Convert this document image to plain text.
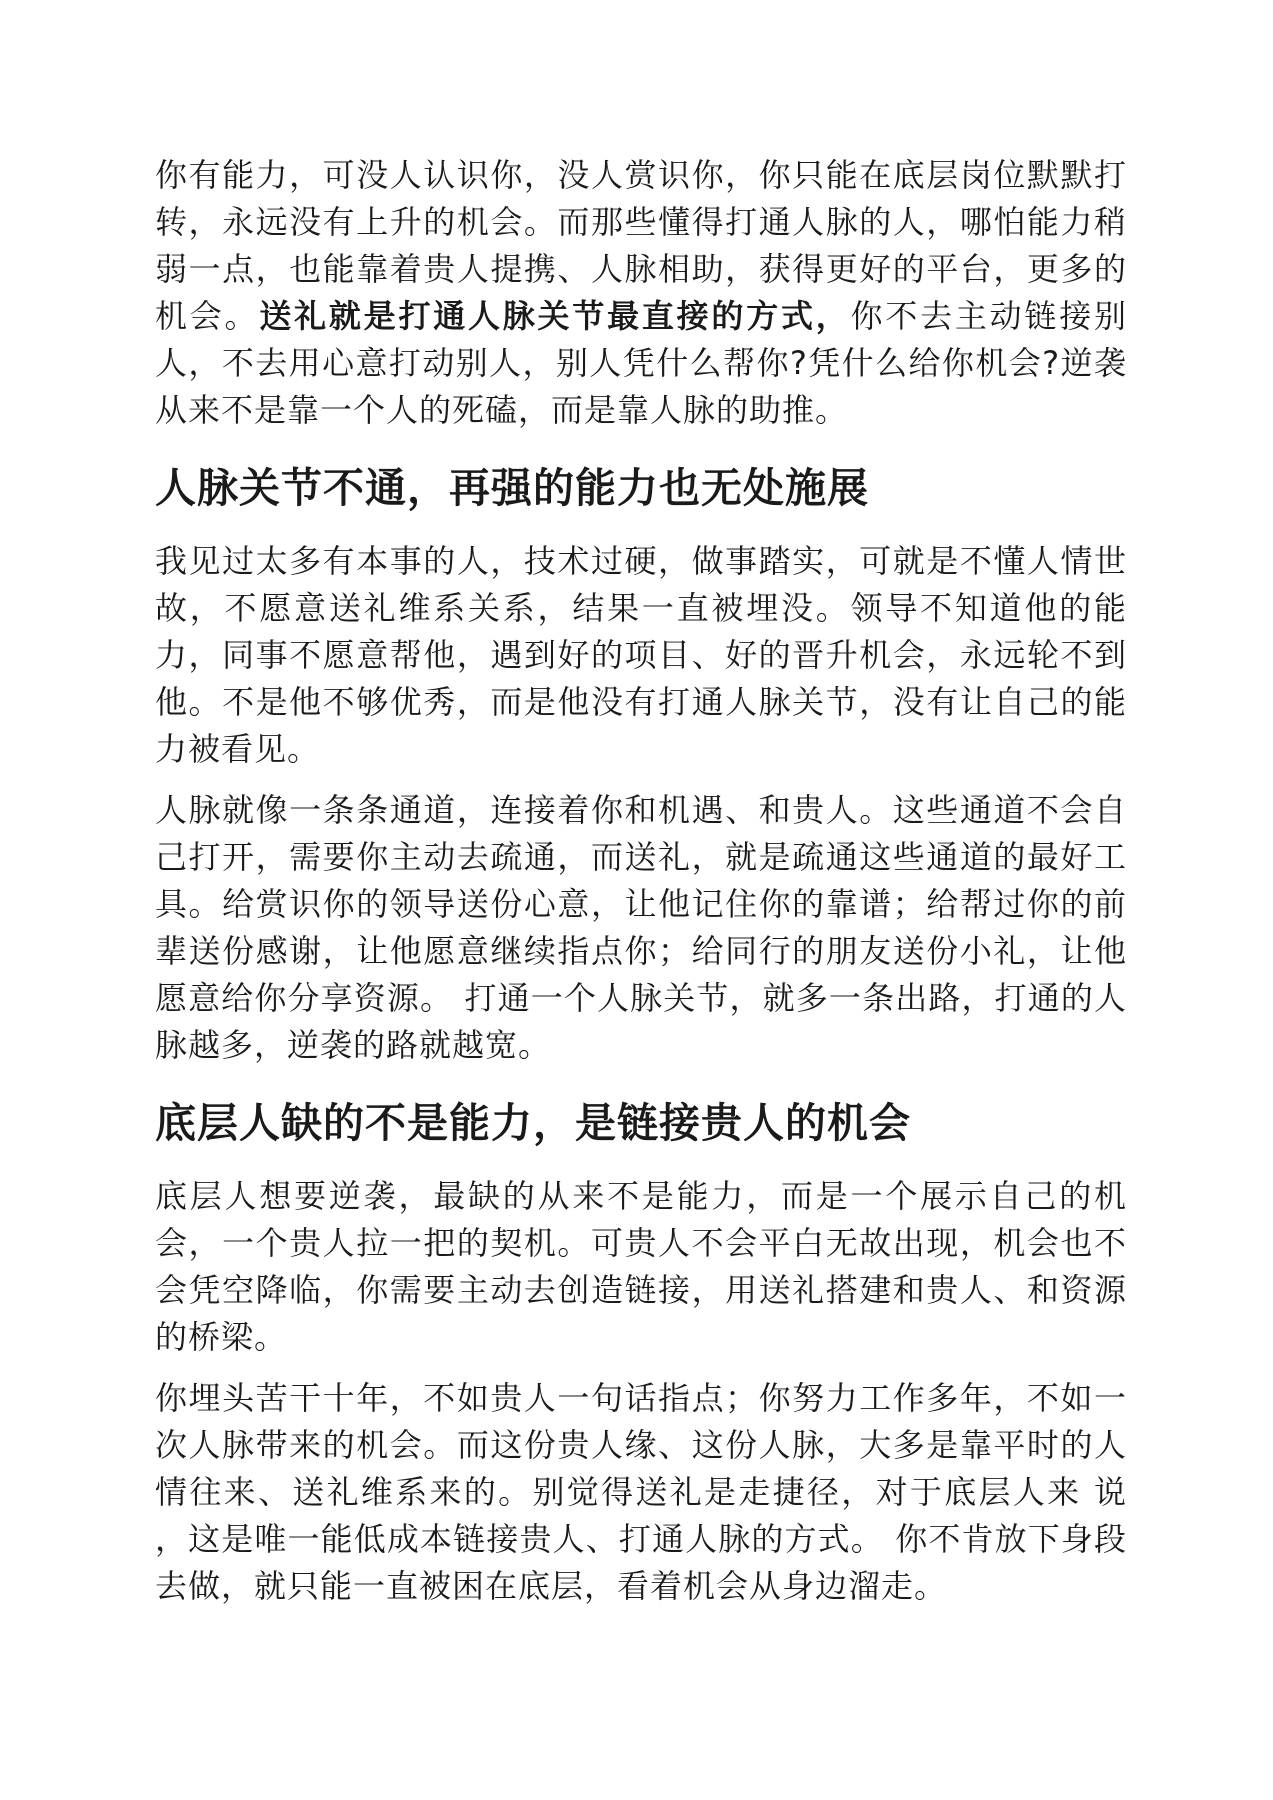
你有能力，可没人认识你，没人赏识你，你只能在底层岗位默默打转，永远没有上升的机会。而那些懂得打通人脉的人，哪怕能力稍弱一点，也能靠着贵人提携、人脉相助，获得更好的平台，更多的机会。送礼就是打通人脉关节最直接的方式，你不去主动链接别人，不去用心意打动别人，别人凭什么帮你?凭什么给你机会?逆袭从来不是靠一个人的死磕，而是靠人脉的助推。

人脉关节不通，再强的能力也无处施展

我见过太多有本事的人，技术过硬，做事踏实，可就是不懂人情世故，不愿意送礼维系关系，结果一直被埋没。领导不知道他的能力，同事不愿意帮他，遇到好的项目、好的晋升机会，永远轮不到他。不是他不够优秀，而是他没有打通人脉关节，没有让自己的能力被看见。

人脉就像一条条通道，连接着你和机遇、和贵人。这些通道不会自己打开，需要你主动去疏通，而送礼，就是疏通这些通道的最好工具。给赏识你的领导送份心意，让他记住你的靠谱；给帮过你的前辈送份感谢，让他愿意继续指点你；给同行的朋友送份小礼，让他愿意给你分享资源。 打通一个人脉关节，就多一条出路，打通的人脉越多，逆袭的路就越宽。

底层人缺的不是能力，是链接贵人的机会

底层人想要逆袭，最缺的从来不是能力，而是一个展示自己的机会，一个贵人拉一把的契机。可贵人不会平白无故出现，机会也不会凭空降临，你需要主动去创造链接，用送礼搭建和贵人、和资源的桥梁。

你埋头苦干十年，不如贵人一句话指点；你努力工作多年，不如一次人脉带来的机会。而这份贵人缘、这份人脉，大多是靠平时的人情往来、送礼维系来的。别觉得送礼是走捷径，对于底层人来 说 ，这是唯一能低成本链接贵人、打通人脉的方式。 你不肯放下身段去做，就只能一直被困在底层，看着机会从身边溜走。
